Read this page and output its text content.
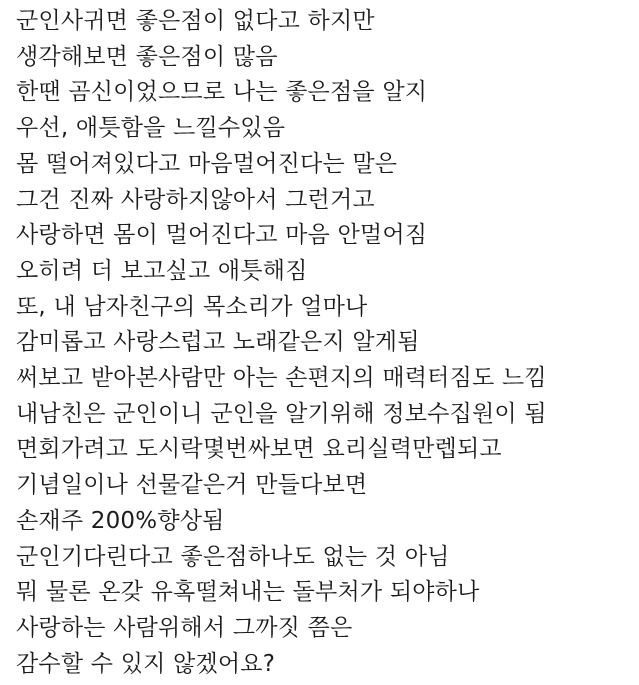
군인사귀면 좋은점이 없다고 하지만
생각해보면 좋은점이 많음
한땐 곰신이었으므로 나는 좋은점을 알지
우선, 애틋함을 느낄수있음
몸 떨어져있다고 마음멀어진다는 말은
그건 진짜 사랑하지않아서 그런거고
사랑하면 몸이 멀어진다고 마음 안멀어짐
오히려 더 보고싶고 애틋해짐
또, 내 남자친구의 목소리가 얼마나
감미롭고 사랑스럽고 노래같은지 알게됨
써보고 받아본사람만 아는 손편지의 매력터짐도 느낌
내남친은 군인이니 군인을 알기위해 정보수집원이 됨
면회가려고 도시락몇번싸보면 요리실력만렙되고
기념일이나 선물같은거 만들다보면
손재주 200%향상됨
군인기다린다고 좋은점하나도 없는 것 아님
뭐 물론 온갖 유혹떨쳐내는 돌부처가 되야하나
사랑하는 사람위해서 그까짓 쯤은
감수할 수 있지 않겠어요?
